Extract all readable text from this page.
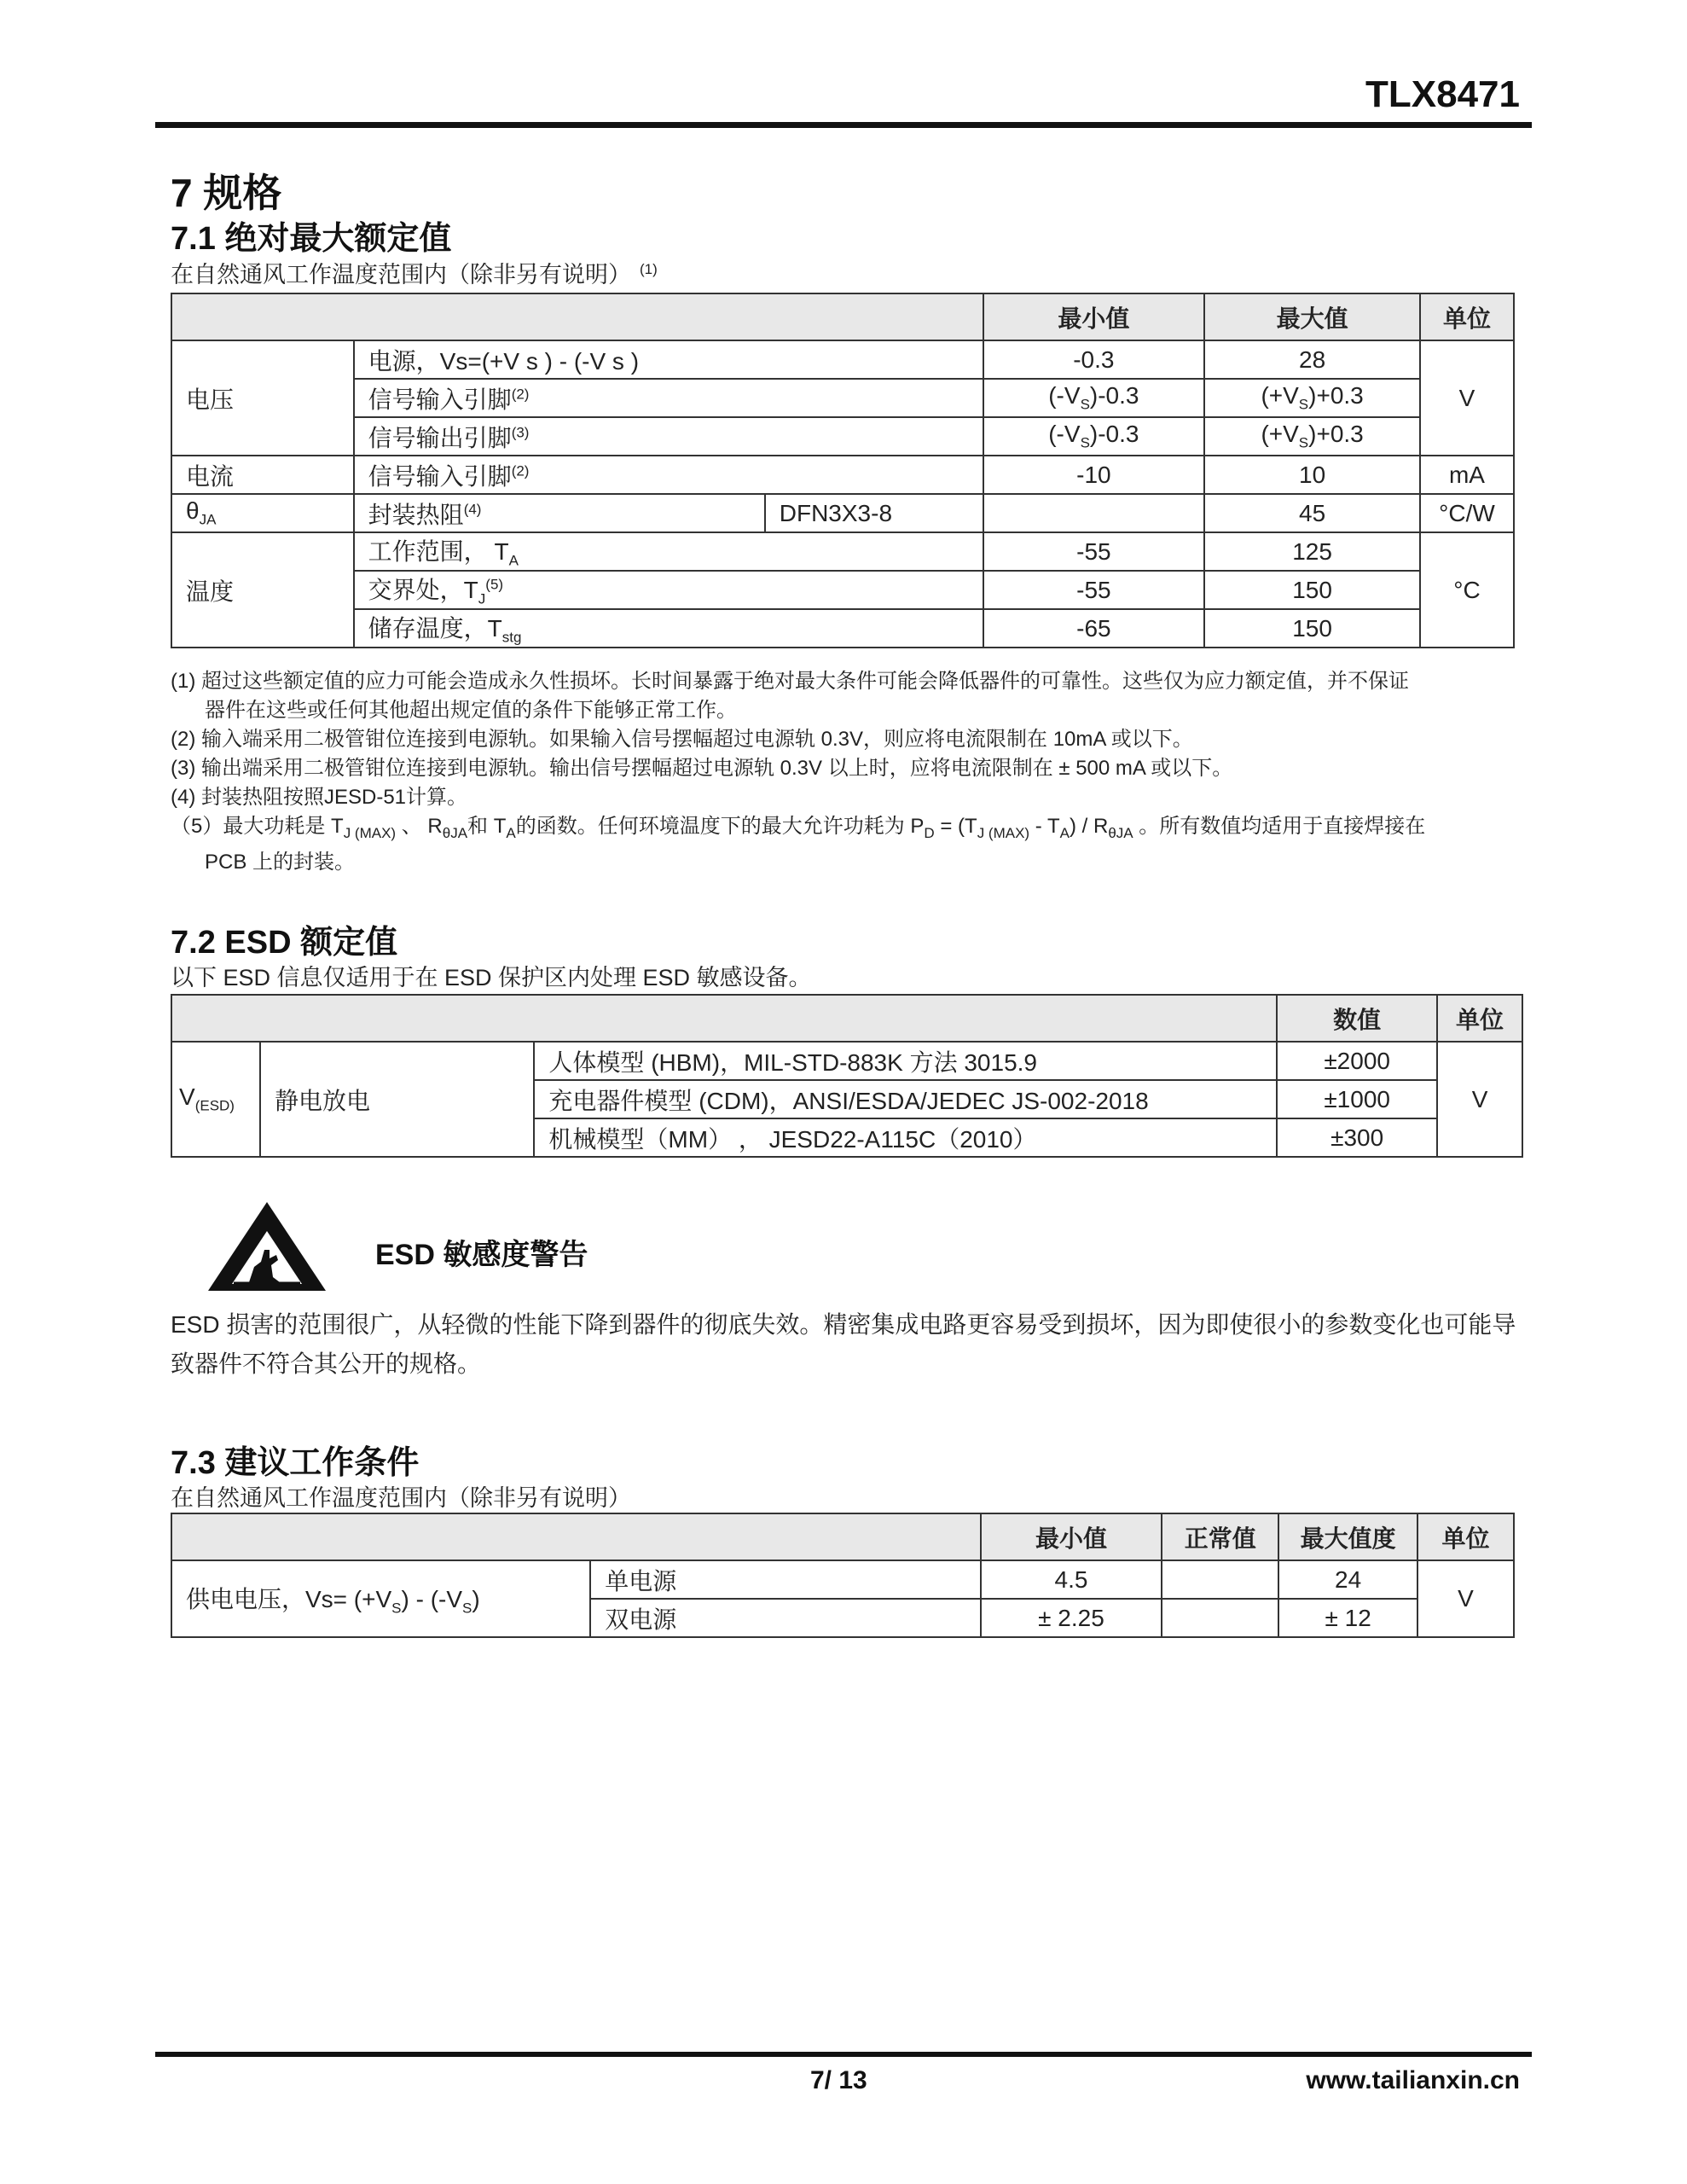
TLX8471
7 规格
7.1 绝对最大额定值
在自然通风工作温度范围内（除非另有说明） $^{(1)}$
			最小值	最大值	单位
电压	电源，Vs=(+V s ) - (-V s )		-0.3	28	V
	信号输入引脚$^{(2)}$		$(-V_S)-0.3$	$(+V_S)+0.3$	
	信号输出引脚$^{(3)}$		$(-V_S)-0.3$	$(+V_S)+0.3$	
电流	信号输入引脚$^{(2)}$		-10	10	mA
$\theta_{JA}$	封装热阻$^{(4)}$	DFN3X3-8		45	°C/W
温度	工作范围， $T_A$		-55	125	°C
	交界处，$T_J^{(5)}$		-55	150	
	储存温度，$T_{stg}$		-65	150	
(1) 超过这些额定值的应力可能会造成永久性损坏。长时间暴露于绝对最大条件可能会降低器件的可靠性。这些仅为应力额定值，并不保证
器件在这些或任何其他超出规定值的条件下能够正常工作。
(2) 输入端采用二极管钳位连接到电源轨。如果输入信号摆幅超过电源轨 0.3V，则应将电流限制在 10mA 或以下。
(3) 输出端采用二极管钳位连接到电源轨。输出信号摆幅超过电源轨 0.3V 以上时，应将电流限制在 ± 500 mA 或以下。
(4) 封装热阻按照JESD-51计算。
（5）最大功耗是 $T_{J (MAX)}$ 、 $R_{\theta JA}$和 $T_A$的函数。任何环境温度下的最大允许功耗为 $P_D = (T_{J (MAX)} - T_A) / R_{\theta JA}$ 。所有数值均适用于直接焊接在
PCB 上的封装。
7.2 ESD 额定值
以下 ESD 信息仅适用于在 ESD 保护区内处理 ESD 敏感设备。
			数值	单位
$V_{(ESD)}$	静电放电	人体模型 (HBM)，MIL-STD-883K 方法 3015.9	±2000	V
		充电器件模型 (CDM)，ANSI/ESDA/JEDEC JS-002-2018	±1000	
		机械模型（MM） ， JESD22-A115C（2010）	±300	
ESD 敏感度警告
ESD 损害的范围很广，从轻微的性能下降到器件的彻底失效。精密集成电路更容易受到损坏，因为即使很小的参数变化也可能导致器件不符合其公开的规格。
7.3 建议工作条件
在自然通风工作温度范围内（除非另有说明）
		最小值	正常值	最大值度	单位
供电电压，$Vs= (+V_S) - (-V_S)$	单电源	4.5		24	V
	双电源	± 2.25		± 12	
7/ 13	www.tailianxin.cn
